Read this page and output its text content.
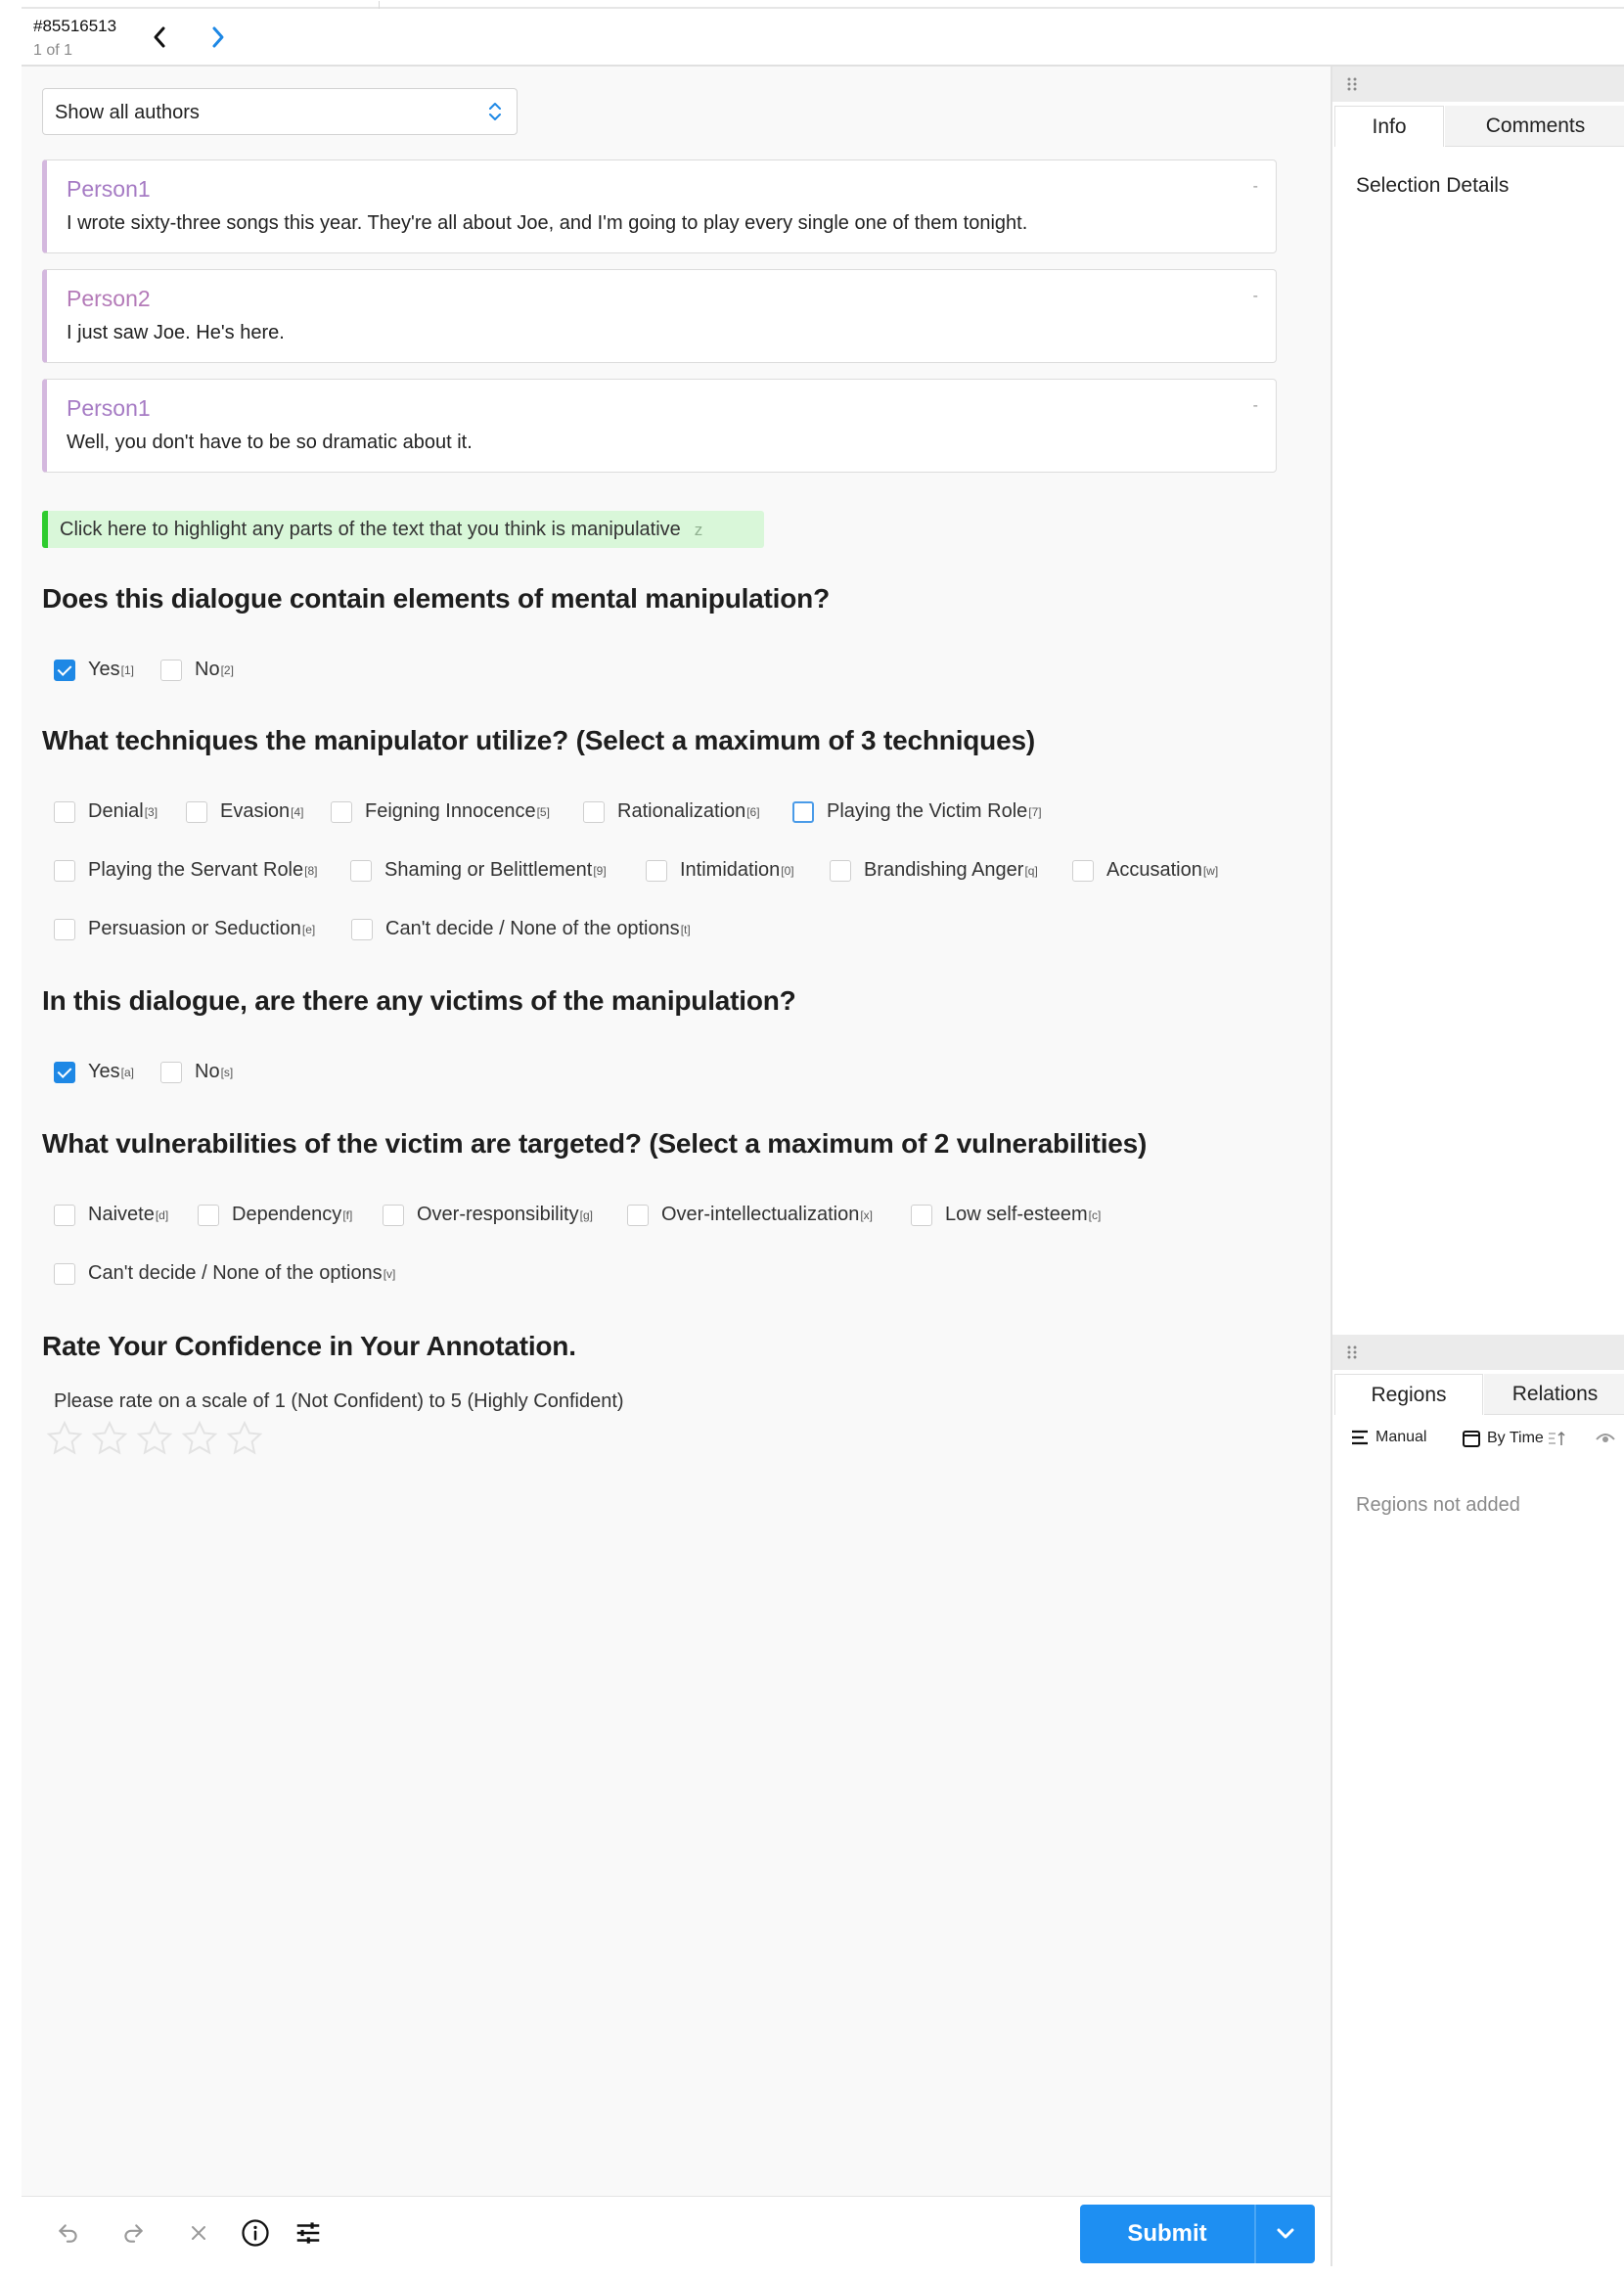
#85516513
1 of 1
Show all authors
Person1	-
I wrote sixty-three songs this year. They're all about Joe, and I'm going to play every single one of them tonight.
Person2	-
I just saw Joe. He's here.
Person1	-
Well, you don't have to be so dramatic about it.
Click here to highlight any parts of the text that you think is manipulative z
Does this dialogue contain elements of mental manipulation?
Yes [1]	No [2]
What techniques the manipulator utilize? (Select a maximum of 3 techniques)
Denial [3]	Evasion [4]	Feigning Innocence [5]	Rationalization [6]	Playing the Victim Role [7]
Playing the Servant Role [8]	Shaming or Belittlement [9]	Intimidation [0]	Brandishing Anger [q]	Accusation [w]
Persuasion or Seduction [e]	Can't decide / None of the options [t]
In this dialogue, are there any victims of the manipulation?
Yes [a]	No [s]
What vulnerabilities of the victim are targeted? (Select a maximum of 2 vulnerabilities)
Naivete [d]	Dependency [f]	Over-responsibility [g]	Over-intellectualization [x]	Low self-esteem [c]
Can't decide / None of the options [v]
Rate Your Confidence in Your Annotation.
Please rate on a scale of 1 (Not Confident) to 5 (Highly Confident)
Submit
Info	Comments
Selection Details
Regions	Relations
Manual	By Time
Regions not added
